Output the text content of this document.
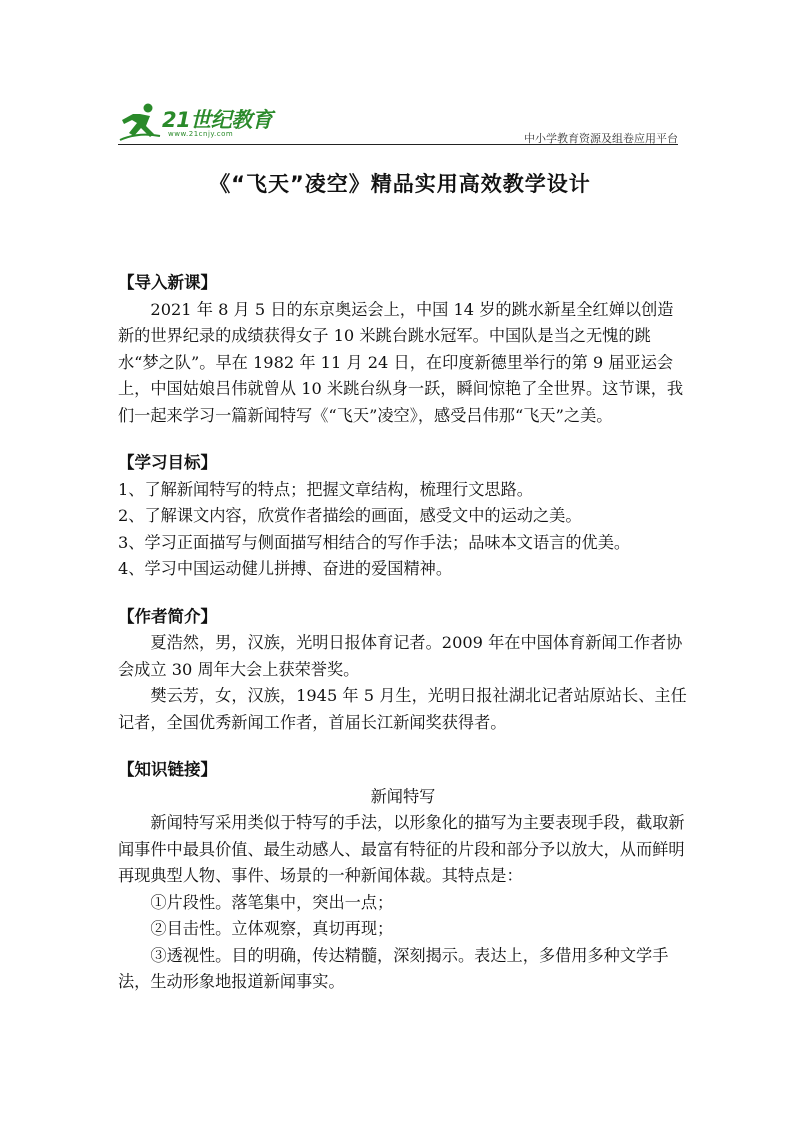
21世纪教育
www.21cnjy.com	中小学教育资源及组卷应用平台
《“飞天”凌空》精品实用高效教学设计
【导入新课】

2021 年 8 月 5 日的东京奥运会上，中国 14 岁的跳水新星全红婵以创造新的世界纪录的成绩获得女子 10 米跳台跳水冠军。中国队是当之无愧的跳水“梦之队”。早在 1982 年 11 月 24 日，在印度新德里举行的第 9 届亚运会上，中国姑娘吕伟就曾从 10 米跳台纵身一跃，瞬间惊艳了全世界。这节课，我们一起来学习一篇新闻特写《“飞天”凌空》，感受吕伟那“飞天”之美。

【学习目标】

1、了解新闻特写的特点；把握文章结构，梳理行文思路。

2、了解课文内容，欣赏作者描绘的画面，感受文中的运动之美。

3、学习正面描写与侧面描写相结合的写作手法；品味本文语言的优美。

4、学习中国运动健儿拼搏、奋进的爱国精神。

【作者简介】

夏浩然，男，汉族，光明日报体育记者。2009 年在中国体育新闻工作者协会成立 30 周年大会上获荣誉奖。

樊云芳，女，汉族，1945 年 5 月生，光明日报社湖北记者站原站长、主任记者，全国优秀新闻工作者，首届长江新闻奖获得者。

【知识链接】

新闻特写

新闻特写采用类似于特写的手法，以形象化的描写为主要表现手段，截取新闻事件中最具价值、最生动感人、最富有特征的片段和部分予以放大，从而鲜明再现典型人物、事件、场景的一种新闻体裁。其特点是：

①片段性。落笔集中，突出一点；

②目击性。立体观察，真切再现；

③透视性。目的明确，传达精髓，深刻揭示。表达上，多借用多种文学手法，生动形象地报道新闻事实。
